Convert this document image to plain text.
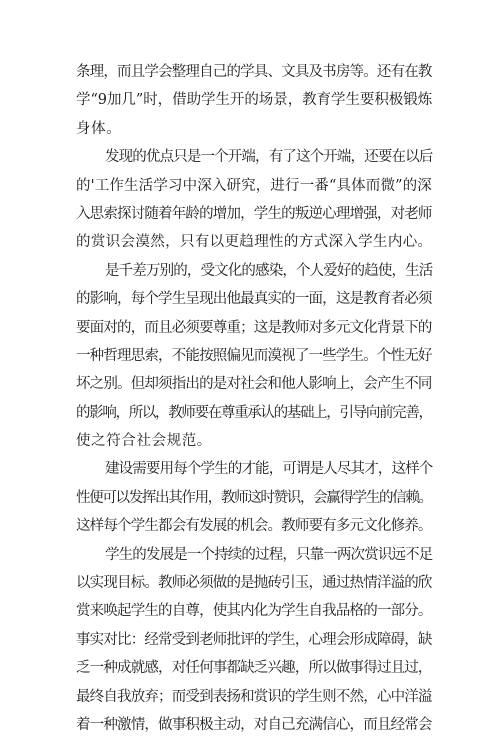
条理，而且学会整理自己的学具、文具及书房等。还有在教
学“9加几”时，借助学生开的场景，教育学生要积极锻炼
身体。
发现的优点只是一个开端，有了这个开端，还要在以后
的'工作生活学习中深入研究，进行一番“具体而微”的深
入思索探讨随着年龄的增加，学生的叛逆心理增强，对老师
的赏识会漠然，只有以更趋理性的方式深入学生内心。
是千差万别的，受文化的感染，个人爱好的趋使，生活
的影响，每个学生呈现出他最真实的一面，这是教育者必须
要面对的，而且必须要尊重；这是教师对多元文化背景下的
一种哲理思索，不能按照偏见而漠视了一些学生。个性无好
坏之别。但却须指出的是对社会和他人影响上，会产生不同
的影响，所以，教师要在尊重承认的基础上，引导向前完善，
使之符合社会规范。
建设需要用每个学生的才能，可谓是人尽其才，这样个
性便可以发挥出其作用，教师这时赞识，会赢得学生的信赖。
这样每个学生都会有发展的机会。教师要有多元文化修养。
学生的发展是一个持续的过程，只靠一两次赏识远不足
以实现目标。教师必须做的是抛砖引玉，通过热情洋溢的欣
赏来唤起学生的自尊，使其内化为学生自我品格的一部分。
事实对比：经常受到老师批评的学生，心理会形成障碍，缺
乏一种成就感，对任何事都缺乏兴趣，所以做事得过且过，
最终自我放弃；而受到表扬和赏识的学生则不然，心中洋溢
着一种激情，做事积极主动，对自己充满信心，而且经常会
